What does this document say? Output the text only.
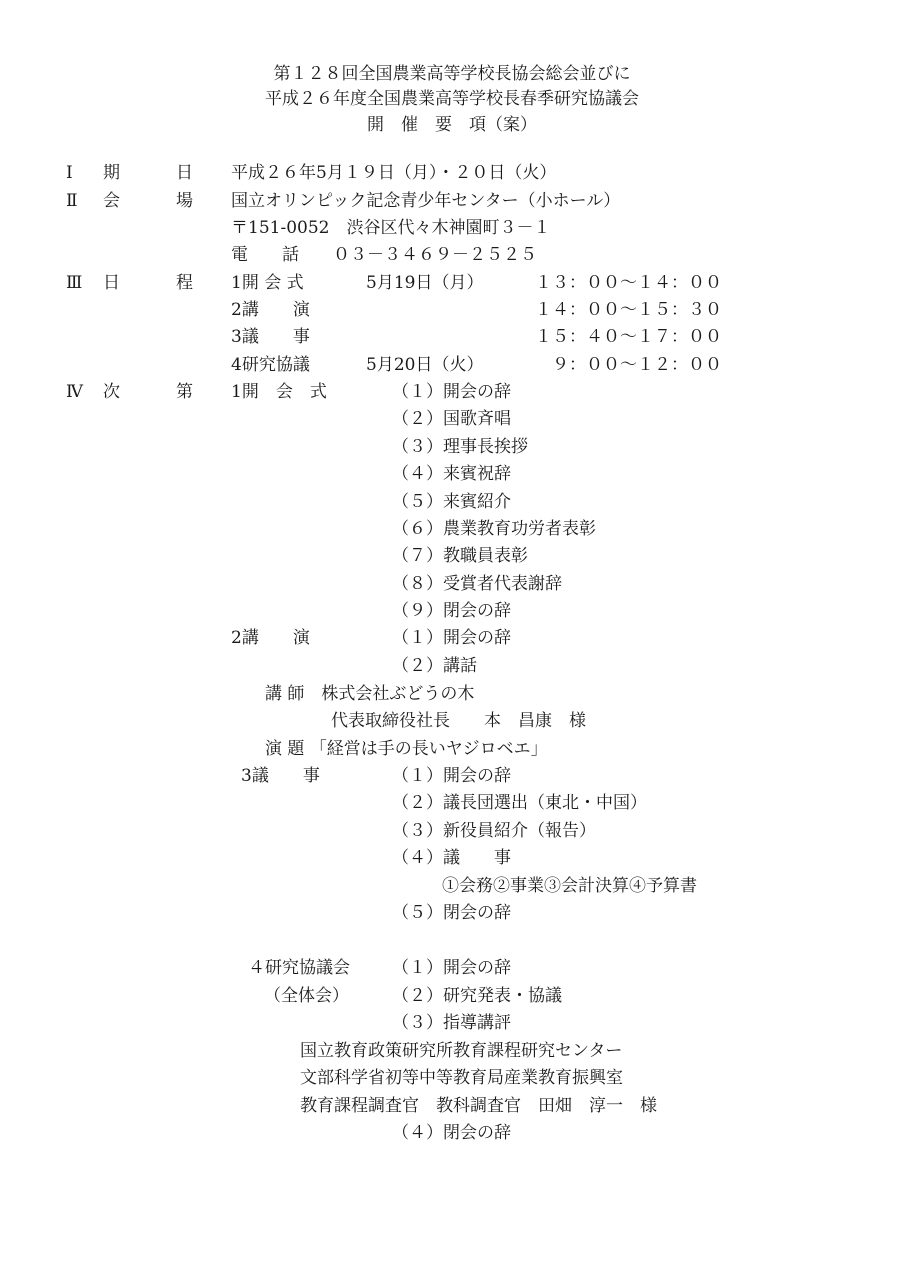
第１２８回全国農業高等学校長協会総会並びに
平成２６年度全国農業高等学校長春季研究協議会
開　催　要　項（案）
Ⅰ 期	日 平成２６年5月１９日（月）・２０日（火）
Ⅱ 会	場 国立オリンピック記念青少年センター（小ホール）
〒151-0052　渋谷区代々木神園町３－１
電　　話　　０３－３４６９－２５２５
Ⅲ 日	程 1開 会 式	5月19日（月）	１３：００～１４：００
2講　　演	１４：００～１５：３０
3議　　事	１５：４０～１７：００
4研究協議	5月20日（火）	９：００～１２：００
Ⅳ 次	第 1開　会　式	（１）開会の辞
（２）国歌斉唱
（３）理事長挨拶
（４）来賓祝辞
（５）来賓紹介
（６）農業教育功労者表彰
（７）教職員表彰
（８）受賞者代表謝辞
（９）閉会の辞
2講　　演	（１）開会の辞
（２）講話
講 師　株式会社ぶどうの木
代表取締役社長　　本　昌康　様
演 題 「経営は手の長いヤジロベエ」
3議　　事	（１）開会の辞
（２）議長団選出（東北・中国）
（３）新役員紹介（報告）
（４）議　　事
①会務②事業③会計決算④予算書
（５）閉会の辞
４研究協議会 （１）開会の辞
（全体会）	（２）研究発表・協議
（３）指導講評
国立教育政策研究所教育課程研究センター
文部科学省初等中等教育局産業教育振興室
教育課程調査官　教科調査官　田畑　淳一　様
（４）閉会の辞
